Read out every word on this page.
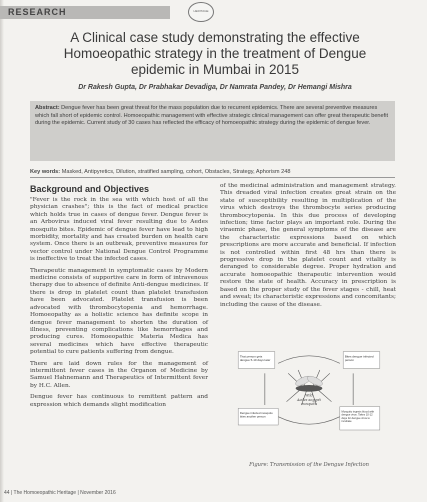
RESEARCH	HERITAGE
A Clinical case study demonstrating the effective
Homoeopathic strategy in the treatment of Dengue
epidemic in Mumbai in 2015
Dr Rakesh Gupta, Dr Prabhakar Devadiga, Dr Namrata Pandey, Dr Hemangi Mishra
Abstract: Dengue fever has been great threat for the mass population due to recurrent epidemics. There are several preventive measures which fall short of epidemic control. Homoeopathic management with effective strategic clinical management can offer great therapeutic benefit during the epidemic. Current study of 30 cases has reflected the efficacy of homoeopathic strategy during the epidemic of dengue fever.
Key words: Masked, Antipyretics, Dilution, stratified sampling, cohort, Obstacles, Strategy, Aphorism 248
Background and Objectives

"Fever is the rock in the sea with which host of all the physician crashes"; this is the fact of medical practice which holds true in cases of dengue fever. Dengue fever is an Arbovirus induced viral fever resulting due to Aedes mosquito bites. Epidemic of dengue fever have lead to high morbidity, mortality and has created burden on health care system. Once there is an outbreak, preventive measures for vector control under National Dengue Control Programme is ineffective to treat the infected cases.

Therapeutic management in symptomatic cases by Modern medicine consists of supportive care in form of intravenous therapy due to absence of definite Anti-dengue medicines. If there is drop in platelet count than platelet transfusion have been advocated. Platelet transfusion is been advocated with thrombocytopenia and hemorrhage. Homoeopathy as a holistic science has definite scope in dengue fever management to shorten the duration of illness, preventing complications like hemorrhages and producing cures. Homoeopathic Materia Medica has several medicines which have effective therapeutic potential to cure patients suffering from dengue.

There are laid down rules for the management of intermittent fever cases in the Organon of Medicine by Samuel Hahnemann and Therapeutics of Intermittent fever by H.C. Allen.

Dengue fever has continuous to remittent pattern and expression which demands slight modification

of the medicinal administration and management strategy. This dreaded viral infection creates great strain on the state of susceptibility resulting in multiplication of the virus which destroys the thrombocyte series producing thrombocytopenia. In this due process of developing infection; time factor plays an important role. During the viraemic phase, the general symptoms of the disease are the characteristic expressions based on which prescriptions are more accurate and beneficial. If infection is not controlled within first 48 hrs than there is progressive drop in the platelet count and vitality is deranged to considerable degree. Proper hydration and accurate homoeopathic therapeutic intervention would restore the state of health. Accuracy in prescription is based on the proper study of the fever stages - chill, heat and sweat; its characteristic expressions and concomitants; including the cause of the disease.

That person gets dengue 5-10 days later
Bites dengue infected person
Dengue infected mosquito bites another person
Mosquito ingests blood with dengue virus. Takes 10-12 days for dengue virus to incubate
Wild
Aedes aegypti
mosquito
Figure: Transmission of the Dengue Infection
44 | The Homoeopathic Heritage | November 2016
